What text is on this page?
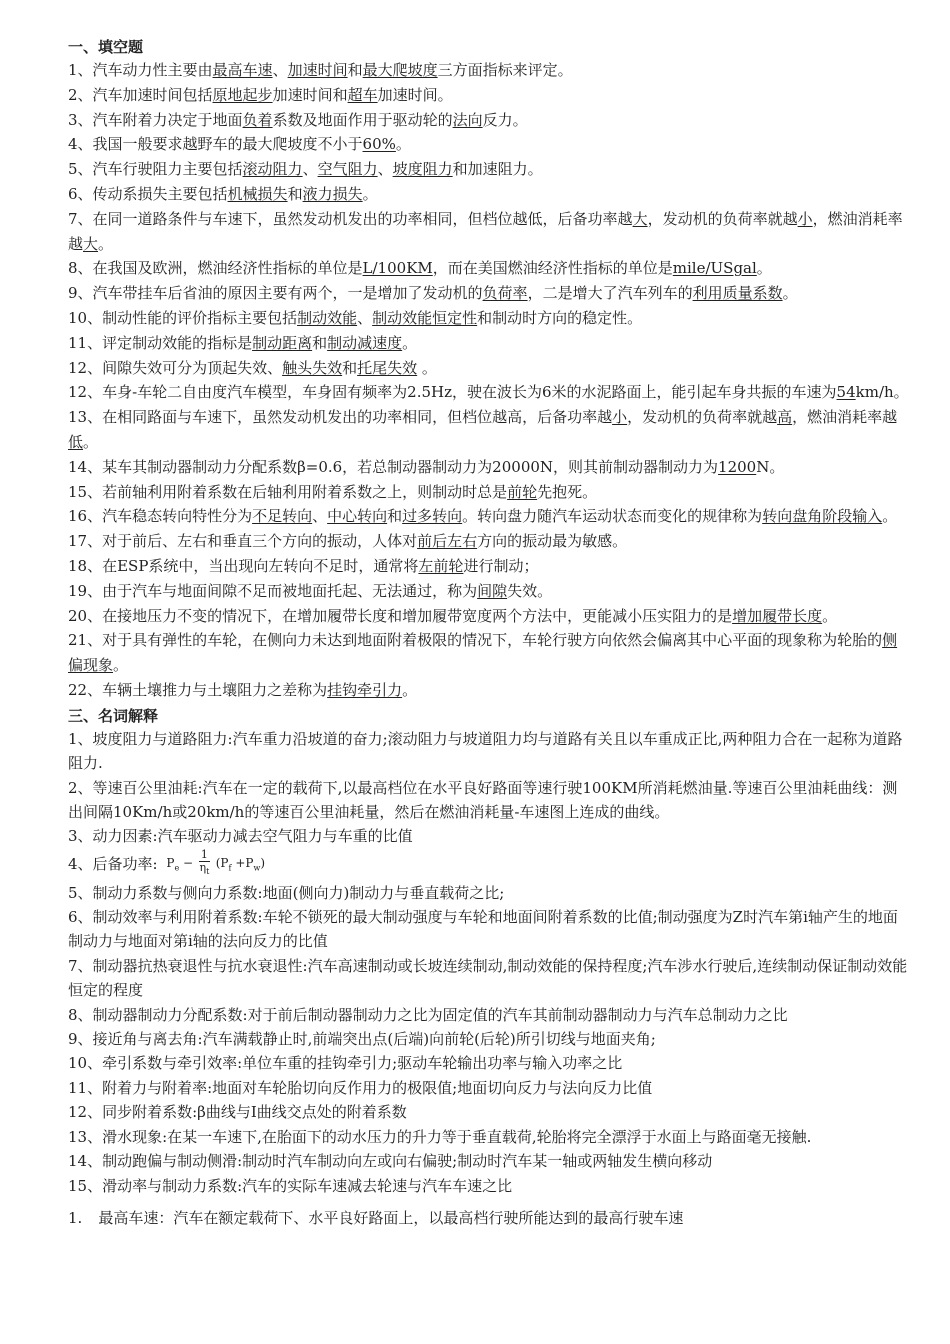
一、填空题

1、汽车动力性主要由最高车速、加速时间和最大爬坡度三方面指标来评定。

2、汽车加速时间包括原地起步加速时间和超车加速时间。

3、汽车附着力决定于地面负着系数及地面作用于驱动轮的法向反力。

4、我国一般要求越野车的最大爬坡度不小于60%。

5、汽车行驶阻力主要包括滚动阻力、空气阻力、坡度阻力和加速阻力。

6、传动系损失主要包括机械损失和液力损失。

7、在同一道路条件与车速下，虽然发动机发出的功率相同，但档位越低，后备功率越大，发动机的负荷率就越小，燃油消耗率越大。

8、在我国及欧洲，燃油经济性指标的单位是L/100KM，而在美国燃油经济性指标的单位是mile/USgal。

9、汽车带挂车后省油的原因主要有两个，一是增加了发动机的负荷率，二是增大了汽车列车的利用质量系数。

10、制动性能的评价指标主要包括制动效能、制动效能恒定性和制动时方向的稳定性。

11、评定制动效能的指标是制动距离和制动减速度。

12、间隙失效可分为顶起失效、触头失效和托尾失效 。

12、车身-车轮二自由度汽车模型，车身固有频率为2.5Hz，驶在波长为6米的水泥路面上，能引起车身共振的车速为54km/h。

13、在相同路面与车速下，虽然发动机发出的功率相同，但档位越高，后备功率越小，发动机的负荷率就越高，燃油消耗率越低。

14、某车其制动器制动力分配系数β=0.6，若总制动器制动力为20000N，则其前制动器制动力为1200N。

15、若前轴利用附着系数在后轴利用附着系数之上，则制动时总是前轮先抱死。

16、汽车稳态转向特性分为不足转向、中心转向和过多转向。转向盘力随汽车运动状态而变化的规律称为转向盘角阶段输入。

17、对于前后、左右和垂直三个方向的振动，人体对前后左右方向的振动最为敏感。

18、在ESP系统中，当出现向左转向不足时，通常将左前轮进行制动；

19、由于汽车与地面间隙不足而被地面托起、无法通过，称为间隙失效。

20、在接地压力不变的情况下，在增加履带长度和增加履带宽度两个方法中，更能减小压实阻力的是增加履带长度。

21、对于具有弹性的车轮，在侧向力未达到地面附着极限的情况下，车轮行驶方向依然会偏离其中心平面的现象称为轮胎的侧偏现象。

22、车辆土壤推力与土壤阻力之差称为挂钩牵引力。

三、名词解释

1、坡度阻力与道路阻力:汽车重力沿坡道的奋力;滚动阻力与坡道阻力均与道路有关且以车重成正比,两种阻力合在一起称为道路阻力.

2、等速百公里油耗:汽车在一定的载荷下,以最高档位在水平良好路面等速行驶100KM所消耗燃油量.等速百公里油耗曲线：测出间隔10Km/h或20km/h的等速百公里油耗量，然后在燃油消耗量-车速图上连成的曲线。

3、动力因素:汽车驱动力减去空气阻力与车重的比值

4、后备功率: $P_e - \frac{1}{\eta_t} (P_f +P_w)$

5、制动力系数与侧向力系数:地面(侧向力)制动力与垂直载荷之比;

6、制动效率与利用附着系数:车轮不锁死的最大制动强度与车轮和地面间附着系数的比值;制动强度为Z时汽车第i轴产生的地面制动力与地面对第i轴的法向反力的比值

7、制动器抗热衰退性与抗水衰退性:汽车高速制动或长坡连续制动,制动效能的保持程度;汽车涉水行驶后,连续制动保证制动效能恒定的程度

8、制动器制动力分配系数:对于前后制动器制动力之比为固定值的汽车其前制动器制动力与汽车总制动力之比

9、接近角与离去角:汽车满载静止时,前端突出点(后端)向前轮(后轮)所引切线与地面夹角;

10、牵引系数与牵引效率:单位车重的挂钩牵引力;驱动车轮输出功率与输入功率之比

11、附着力与附着率:地面对车轮胎切向反作用力的极限值;地面切向反力与法向反力比值

12、同步附着系数:β曲线与I曲线交点处的附着系数

13、滑水现象:在某一车速下,在胎面下的动水压力的升力等于垂直载荷,轮胎将完全漂浮于水面上与路面毫无接触.

14、制动跑偏与制动侧滑:制动时汽车制动向左或向右偏驶;制动时汽车某一轴或两轴发生横向移动

15、滑动率与制动力系数:汽车的实际车速减去轮速与汽车车速之比

1. 最高车速：汽车在额定载荷下、水平良好路面上，以最高档行驶所能达到的最高行驶车速
